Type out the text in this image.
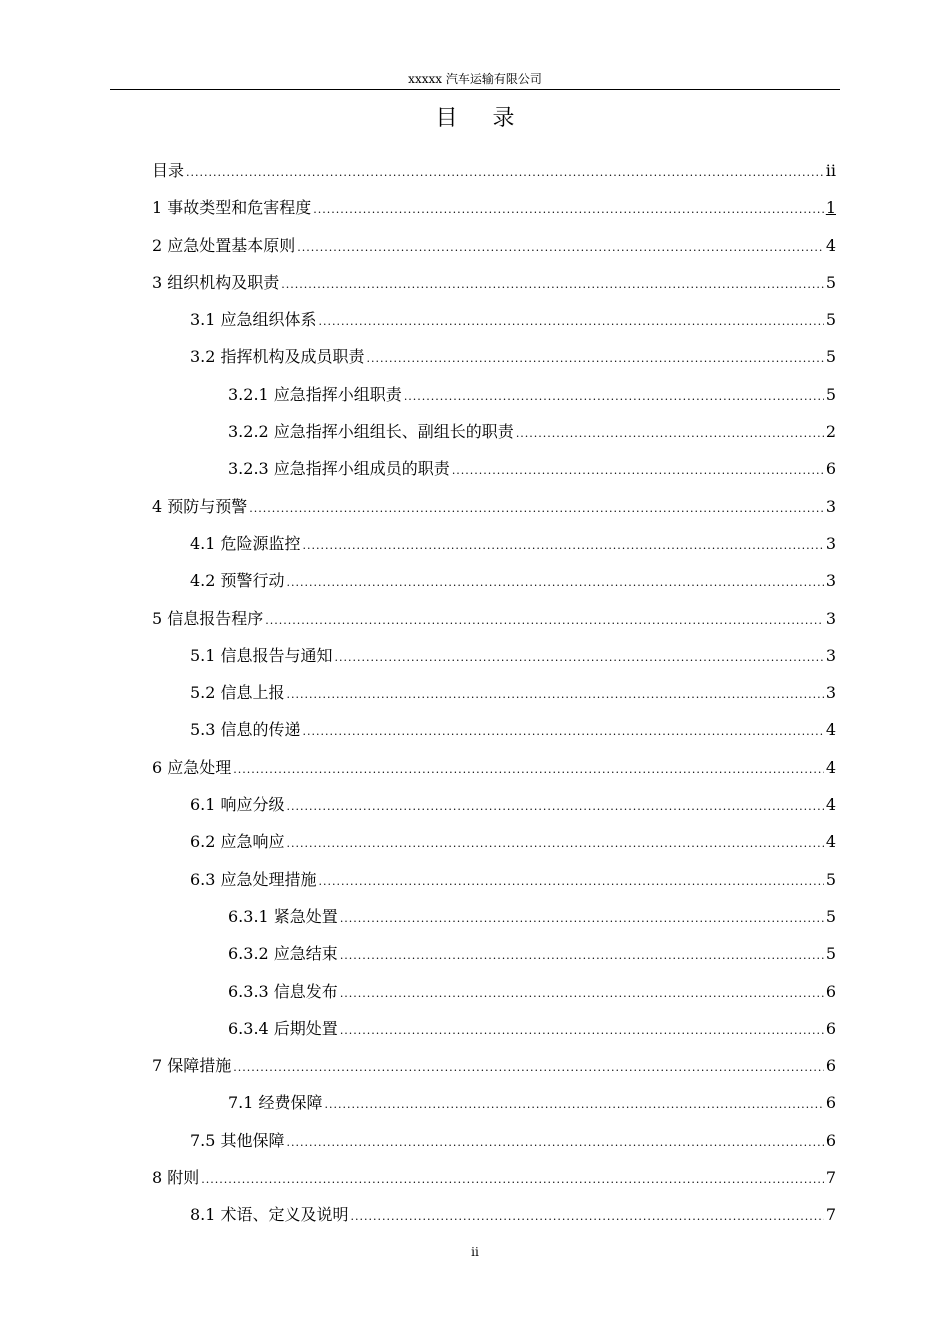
xxxxx 汽车运输有限公司
目 录
目录 .....	ii
1 事故类型和危害程度 .....	1
2 应急处置基本原则 .....	4
3 组织机构及职责 .....	5
3.1 应急组织体系 .....	5
3.2 指挥机构及成员职责 .....	5
3.2.1 应急指挥小组职责 .....	5
3.2.2 应急指挥小组组长、副组长的职责 .....	2
3.2.3 应急指挥小组成员的职责 .....	6
4 预防与预警 .....	3
4.1 危险源监控 .....	3
4.2 预警行动 .....	3
5 信息报告程序 .....	3
5.1 信息报告与通知 .....	3
5.2 信息上报 .....	3
5.3 信息的传递 .....	4
6 应急处理 .....	4
6.1 响应分级 .....	4
6.2 应急响应 .....	4
6.3 应急处理措施 .....	5
6.3.1 紧急处置 .....	5
6.3.2 应急结束 .....	5
6.3.3 信息发布 .....	6
6.3.4 后期处置 .....	6
7 保障措施 .....	6
7.1 经费保障 .....	6
7.5 其他保障 .....	6
8 附则 .....	7
8.1 术语、定义及说明 .....	7
ii
